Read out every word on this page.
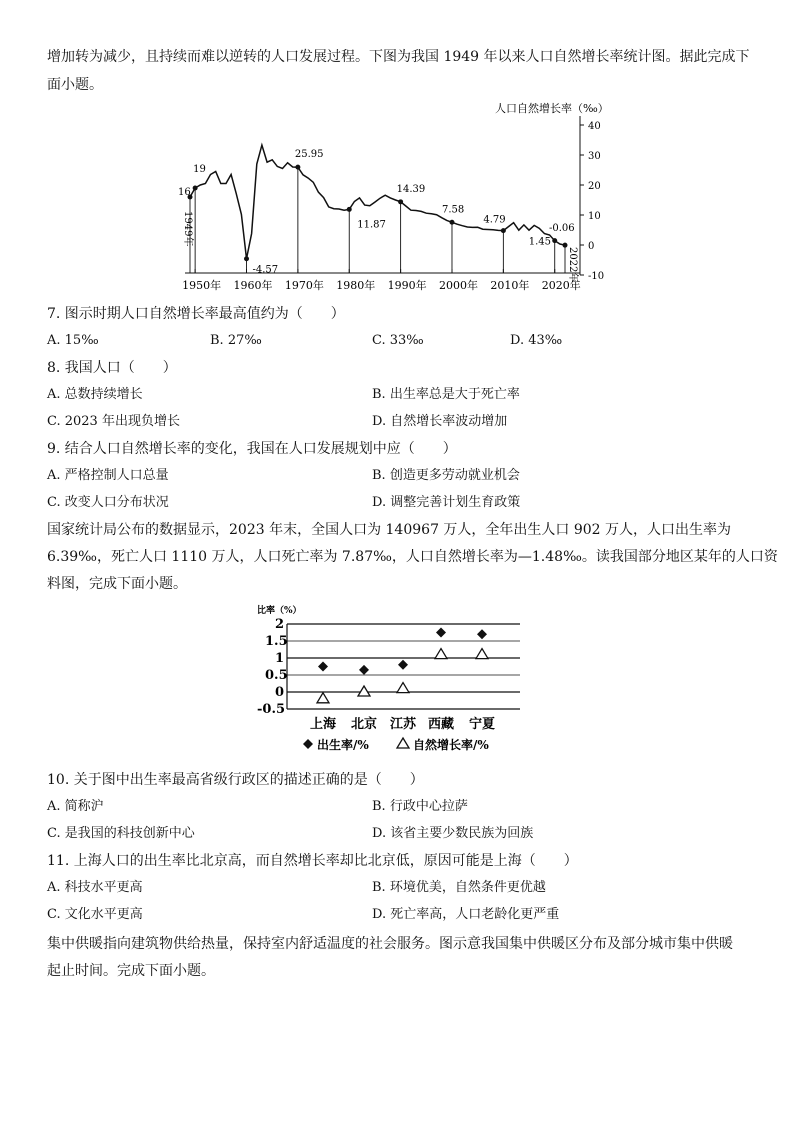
增加转为减少，且持续而难以逆转的人口发展过程。下图为我国 1949 年以来人口自然增长率统计图。据此完成下
面小题。
人口自然增长率（‰）
40
30
20
10
0
-10
16
19
-4.57
25.95
11.87
14.39
7.58
4.79
1.45
-0.06
1950年 1960年 1970年 1980年 1990年 2000年 2010年 2020年
1949年
2022年
7. 图示时期人口自然增长率最高值约为（　　）
A. 15‰	B. 27‰	C. 33‰	D. 43‰
8. 我国人口（　　）
A. 总数持续增长	B. 出生率总是大于死亡率
C. 2023 年出现负增长	D. 自然增长率波动增加
9. 结合人口自然增长率的变化，我国在人口发展规划中应（　　）
A. 严格控制人口总量	B. 创造更多劳动就业机会
C. 改变人口分布状况	D. 调整完善计划生育政策
国家统计局公布的数据显示，2023 年末，全国人口为 140967 万人，全年出生人口 902 万人，人口出生率为
6.39‰，死亡人口 1110 万人，人口死亡率为 7.87‰，人口自然增长率为—1.48‰。读我国部分地区某年的人口资
料图，完成下面小题。
比率（%）
2
1.5
1
0.5
0
-0.5
上海 北京 江苏 西藏 宁夏
出生率/%	自然增长率/%
10. 关于图中出生率最高省级行政区的描述正确的是（　　）
A. 简称沪	B. 行政中心拉萨
C. 是我国的科技创新中心	D. 该省主要少数民族为回族
11. 上海人口的出生率比北京高，而自然增长率却比北京低，原因可能是上海（　　）
A. 科技水平更高	B. 环境优美，自然条件更优越
C. 文化水平更高	D. 死亡率高，人口老龄化更严重
集中供暖指向建筑物供给热量，保持室内舒适温度的社会服务。图示意我国集中供暖区分布及部分城市集中供暖
起止时间。完成下面小题。
